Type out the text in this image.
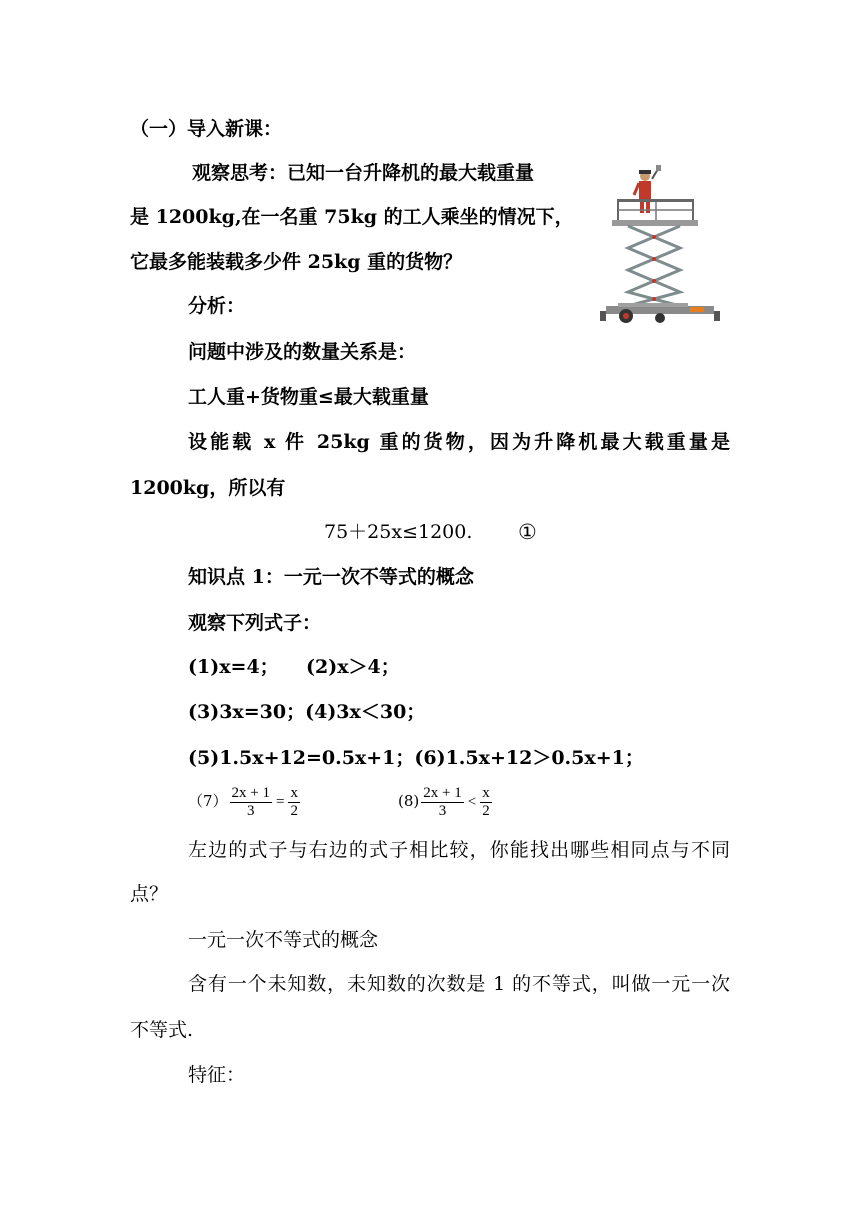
（一）导入新课：
观察思考：已知一台升降机的最大载重量
是 1200kg,在一名重 75kg 的工人乘坐的情况下，
它最多能装载多少件 25kg 重的货物？
分析：
问题中涉及的数量关系是：
工人重+货物重≤最大载重量
设能载 x 件 25kg 重的货物，因为升降机最大载重量是
1200kg，所以有
75＋25x≤1200. ①
知识点 1：一元一次不等式的概念
观察下列式子：
(1)x=4； (2)x＞4；
(3)3x=30；(4)3x＜30；
(5)1.5x+12=0.5x+1；(6)1.5x+12＞0.5x+1；
$(7) \frac{2x + 1}{3} = \frac{x}{2}$	$(8) \frac{2x + 1}{3} < \frac{x}{2}$
左边的式子与右边的式子相比较，你能找出哪些相同点与不同
点？
一元一次不等式的概念
含有一个未知数，未知数的次数是 1 的不等式，叫做一元一次
不等式.
特征：
